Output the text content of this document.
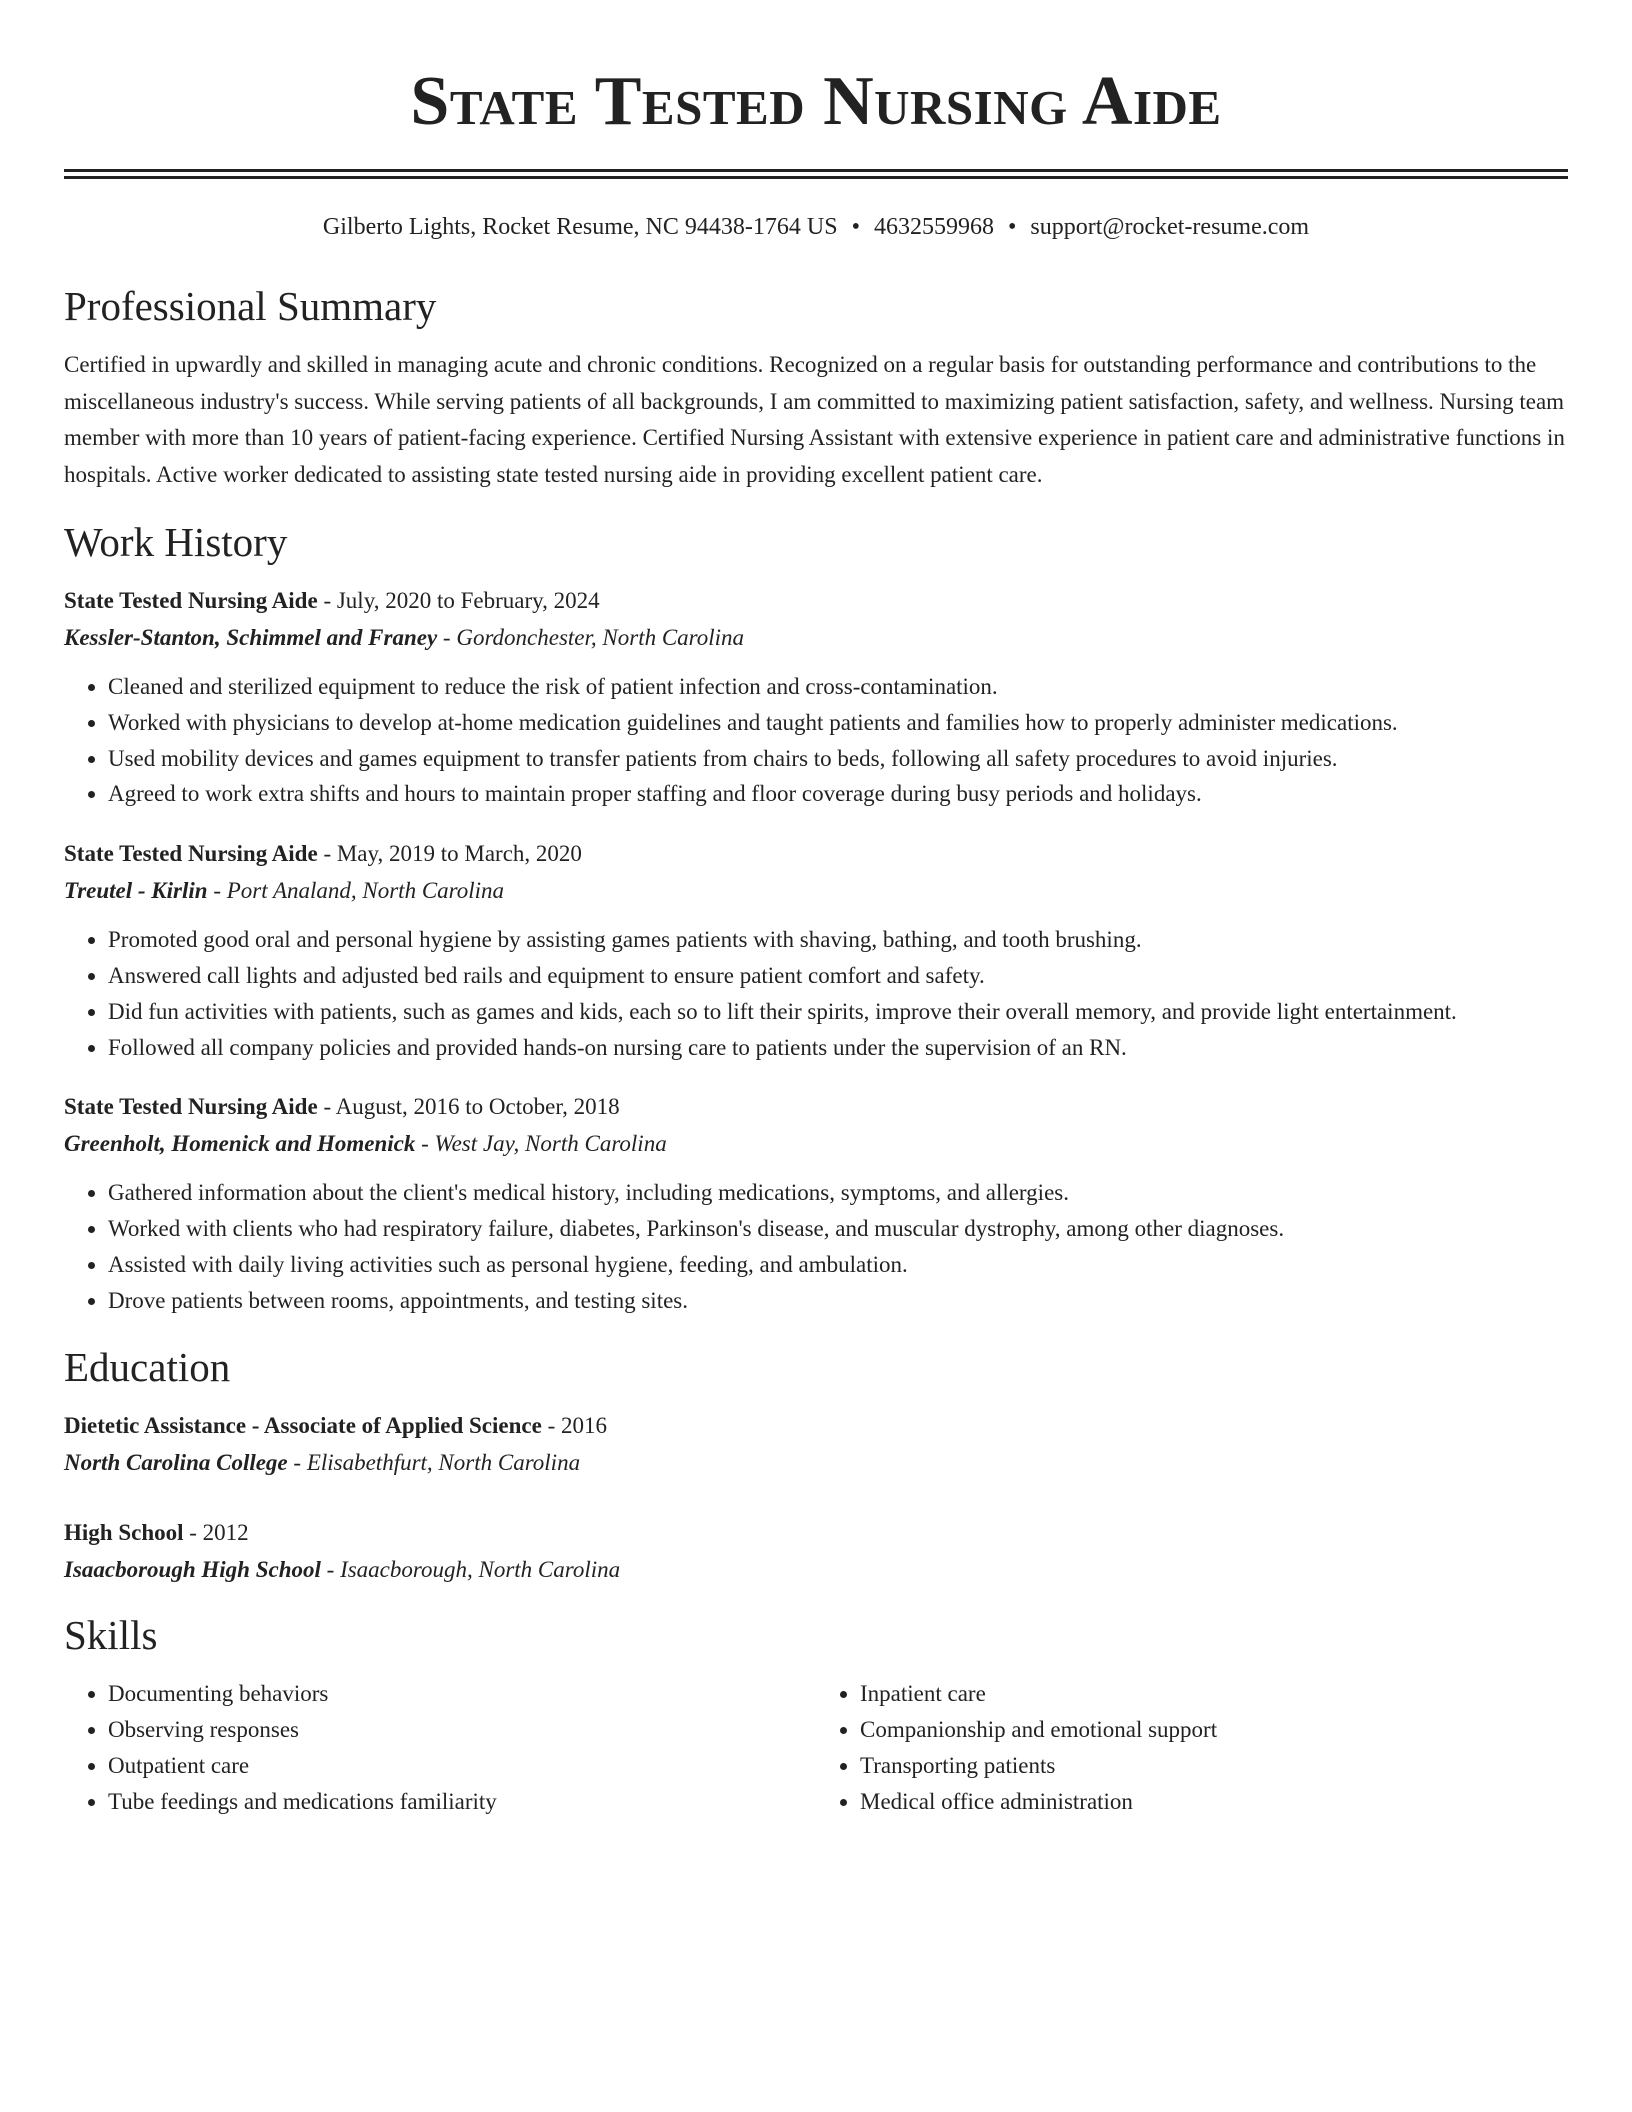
State Tested Nursing Aide
Gilberto Lights, Rocket Resume, NC 94438-1764 US • 4632559968 • support@rocket-resume.com
Professional Summary
Certified in upwardly and skilled in managing acute and chronic conditions. Recognized on a regular basis for outstanding performance and contributions to the miscellaneous industry's success. While serving patients of all backgrounds, I am committed to maximizing patient satisfaction, safety, and wellness. Nursing team member with more than 10 years of patient-facing experience. Certified Nursing Assistant with extensive experience in patient care and administrative functions in hospitals. Active worker dedicated to assisting state tested nursing aide in providing excellent patient care.
Work History
State Tested Nursing Aide - July, 2020 to February, 2024
Kessler-Stanton, Schimmel and Franey - Gordonchester, North Carolina
• Cleaned and sterilized equipment to reduce the risk of patient infection and cross-contamination.
• Worked with physicians to develop at-home medication guidelines and taught patients and families how to properly administer medications.
• Used mobility devices and games equipment to transfer patients from chairs to beds, following all safety procedures to avoid injuries.
• Agreed to work extra shifts and hours to maintain proper staffing and floor coverage during busy periods and holidays.
State Tested Nursing Aide - May, 2019 to March, 2020
Treutel - Kirlin - Port Analand, North Carolina
• Promoted good oral and personal hygiene by assisting games patients with shaving, bathing, and tooth brushing.
• Answered call lights and adjusted bed rails and equipment to ensure patient comfort and safety.
• Did fun activities with patients, such as games and kids, each so to lift their spirits, improve their overall memory, and provide light entertainment.
• Followed all company policies and provided hands-on nursing care to patients under the supervision of an RN.
State Tested Nursing Aide - August, 2016 to October, 2018
Greenholt, Homenick and Homenick - West Jay, North Carolina
• Gathered information about the client's medical history, including medications, symptoms, and allergies.
• Worked with clients who had respiratory failure, diabetes, Parkinson's disease, and muscular dystrophy, among other diagnoses.
• Assisted with daily living activities such as personal hygiene, feeding, and ambulation.
• Drove patients between rooms, appointments, and testing sites.
Education
Dietetic Assistance - Associate of Applied Science - 2016
North Carolina College - Elisabethfurt, North Carolina
High School - 2012
Isaacborough High School - Isaacborough, North Carolina
Skills
• Documenting behaviors
• Observing responses
• Outpatient care
• Tube feedings and medications familiarity
• Inpatient care
• Companionship and emotional support
• Transporting patients
• Medical office administration
